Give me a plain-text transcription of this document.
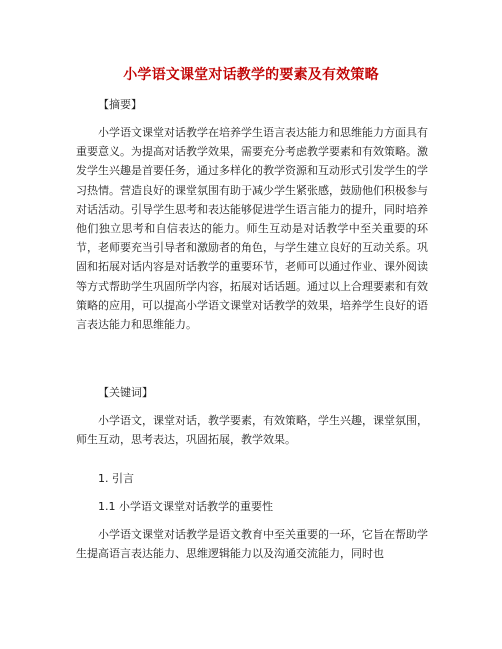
小学语文课堂对话教学的要素及有效策略
【摘要】
小学语文课堂对话教学在培养学生语言表达能力和思维能力方面具有重要意义。为提高对话教学效果，需要充分考虑教学要素和有效策略。激发学生兴趣是首要任务，通过多样化的教学资源和互动形式引发学生的学习热情。营造良好的课堂氛围有助于减少学生紧张感，鼓励他们积极参与对话活动。引导学生思考和表达能够促进学生语言能力的提升，同时培养他们独立思考和自信表达的能力。师生互动是对话教学中至关重要的环节，老师要充当引导者和激励者的角色，与学生建立良好的互动关系。巩固和拓展对话内容是对话教学的重要环节，老师可以通过作业、课外阅读等方式帮助学生巩固所学内容，拓展对话话题。通过以上合理要素和有效策略的应用，可以提高小学语文课堂对话教学的效果，培养学生良好的语言表达能力和思维能力。
【关键词】
小学语文，课堂对话，教学要素，有效策略，学生兴趣，课堂氛围，师生互动，思考表达，巩固拓展，教学效果。
1. 引言
1.1 小学语文课堂对话教学的重要性
小学语文课堂对话教学是语文教育中至关重要的一环，它旨在帮助学生提高语言表达能力、思维逻辑能力以及沟通交流能力，同时也
